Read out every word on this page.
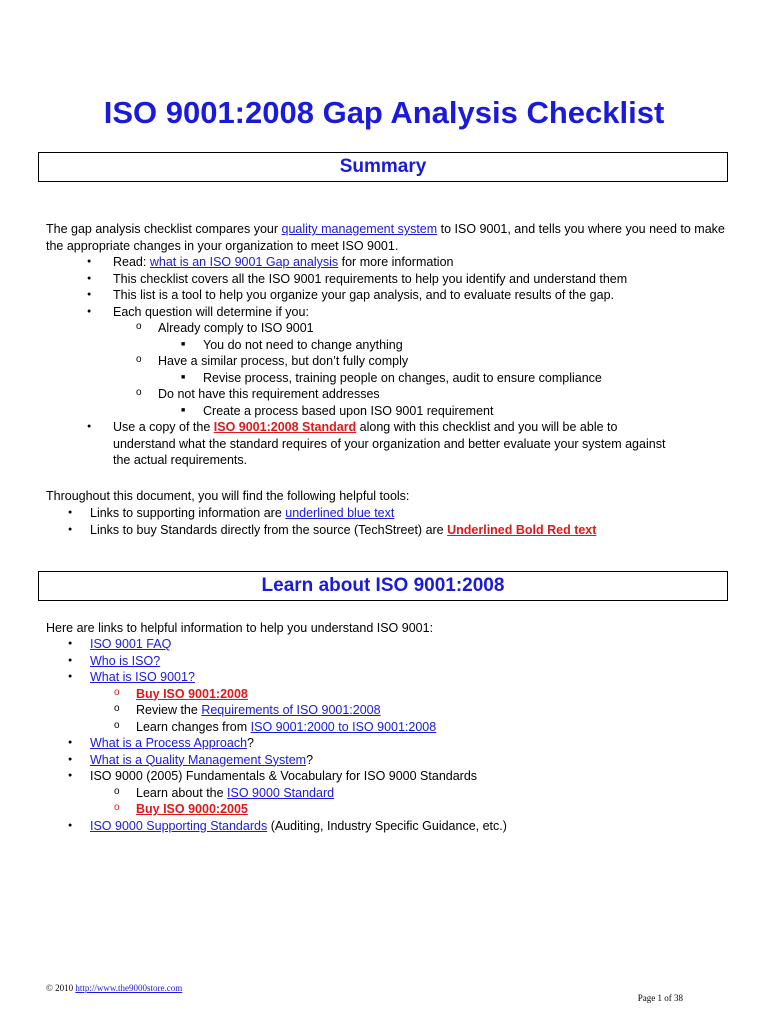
ISO 9001:2008 Gap Analysis Checklist
Summary

The gap analysis checklist compares your quality management system to ISO 9001, and tells you where you need to make the appropriate changes in your organization to meet ISO 9001.

● Read: what is an ISO 9001 Gap analysis for more information
● This checklist covers all the ISO 9001 requirements to help you identify and understand them
● This list is a tool to help you organize your gap analysis, and to evaluate results of the gap.
● Each question will determine if you:
o Already comply to ISO 9001
■ You do not need to change anything
o Have a similar process, but don’t fully comply
■ Revise process, training people on changes, audit to ensure compliance
o Do not have this requirement addresses
■ Create a process based upon ISO 9001 requirement
● Use a copy of the ISO 9001:2008 Standard along with this checklist and you will be able to understand what the standard requires of your organization and better evaluate your system against the actual requirements.

Throughout this document, you will find the following helpful tools:

● Links to supporting information are underlined blue text
● Links to buy Standards directly from the source (TechStreet) are Underlined Bold Red text
Learn about ISO 9001:2008

Here are links to helpful information to help you understand ISO 9001:

● ISO 9001 FAQ
● Who is ISO?
● What is ISO 9001?
o Buy ISO 9001:2008
o Review the Requirements of ISO 9001:2008
o Learn changes from ISO 9001:2000 to ISO 9001:2008
● What is a Process Approach?
● What is a Quality Management System?
● ISO 9000 (2005) Fundamentals & Vocabulary for ISO 9000 Standards
o Learn about the ISO 9000 Standard
o Buy ISO 9000:2005
● ISO 9000 Supporting Standards (Auditing, Industry Specific Guidance, etc.)
© 2010 http://www.the9000store.com
Page 1 of 38
